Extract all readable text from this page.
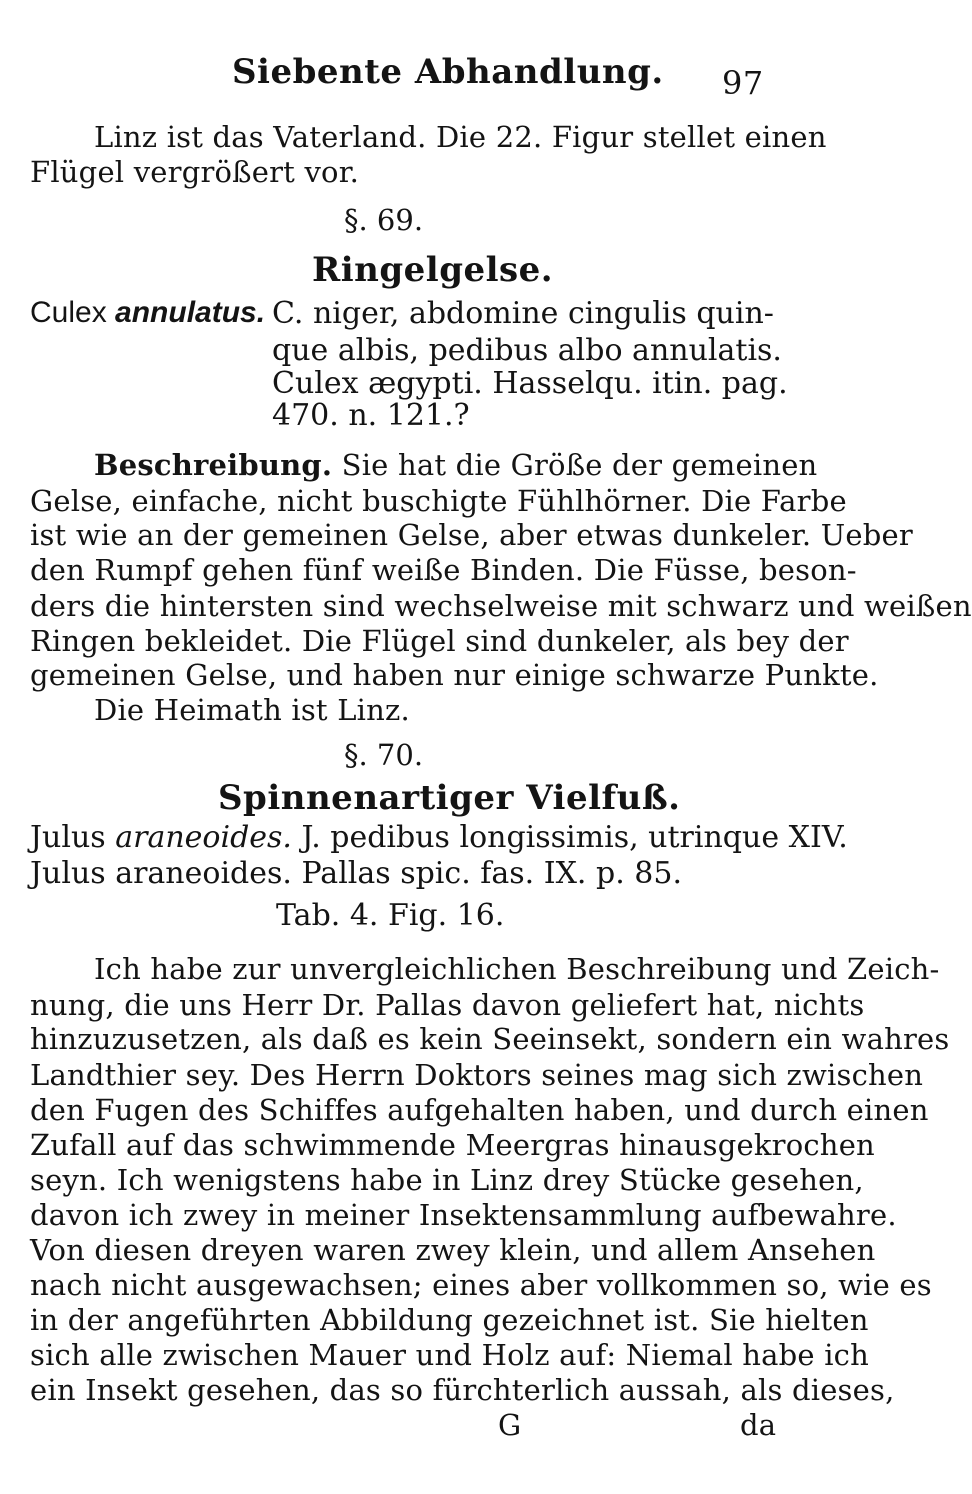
Siebente Abhandlung. 97
Linz ist das Vaterland. Die 22. Figur stellet einen
Flügel vergrößert vor.
§. 69.
Ringelgelse.
Culex annulatus. C. niger, abdomine cingulis quin-
que albis, pedibus albo annulatis.
Culex ægypti. Hasselqu. itin. pag.
470. n. 121.?
Beschreibung. Sie hat die Größe der gemeinen
Gelse, einfache, nicht buschigte Fühlhörner. Die Farbe
ist wie an der gemeinen Gelse, aber etwas dunkeler. Ueber
den Rumpf gehen fünf weiße Binden. Die Füsse, beson-
ders die hintersten sind wechselweise mit schwarz und weißen
Ringen bekleidet. Die Flügel sind dunkeler, als bey der
gemeinen Gelse, und haben nur einige schwarze Punkte.
Die Heimath ist Linz.
§. 70.
Spinnenartiger Vielfuß.
Julus araneoides. J. pedibus longissimis, utrinque XIV.
Julus araneoides. Pallas spic. fas. IX. p. 85.
Tab. 4. Fig. 16.
Ich habe zur unvergleichlichen Beschreibung und Zeich-
nung, die uns Herr Dr. Pallas davon geliefert hat, nichts
hinzuzusetzen, als daß es kein Seeinsekt, sondern ein wahres
Landthier sey. Des Herrn Doktors seines mag sich zwischen
den Fugen des Schiffes aufgehalten haben, und durch einen
Zufall auf das schwimmende Meergras hinausgekrochen
seyn. Ich wenigstens habe in Linz drey Stücke gesehen,
davon ich zwey in meiner Insektensammlung aufbewahre.
Von diesen dreyen waren zwey klein, und allem Ansehen
nach nicht ausgewachsen; eines aber vollkommen so, wie es
in der angeführten Abbildung gezeichnet ist. Sie hielten
sich alle zwischen Mauer und Holz auf: Niemal habe ich
ein Insekt gesehen, das so fürchterlich aussah, als dieses,
G	da
